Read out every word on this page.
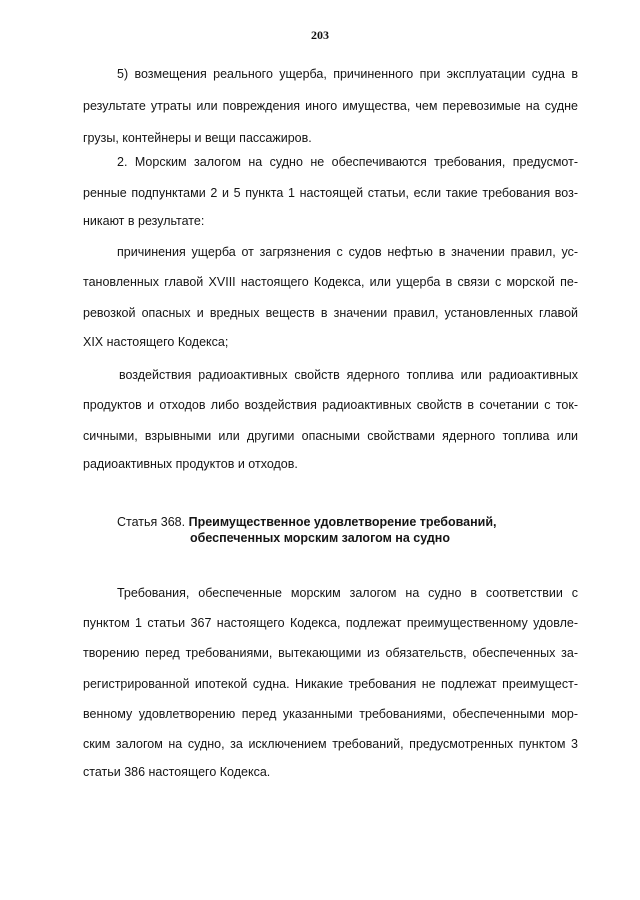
203
5) возмещения реального ущерба, причиненного при эксплуатации судна в
результате утраты или повреждения иного имущества, чем перевозимые на судне
грузы, контейнеры и вещи пассажиров.
2. Морским залогом на судно не обеспечиваются требования, предусмот-
ренные подпунктами 2 и 5 пункта 1 настоящей статьи, если такие требования воз-
никают в результате:
причинения ущерба от загрязнения с судов нефтью в значении правил, ус-
тановленных главой XVIII настоящего Кодекса, или ущерба в связи с морской пе-
ревозкой опасных и вредных веществ в значении правил, установленных главой
XIX настоящего Кодекса;
воздействия радиоактивных свойств ядерного топлива или радиоактивных
продуктов и отходов либо воздействия радиоактивных свойств в сочетании с ток-
сичными, взрывными или другими опасными свойствами ядерного топлива или
радиоактивных продуктов и отходов.
Статья 368. Преимущественное удовлетворение требований,
обеспеченных морским залогом на судно
Требования, обеспеченные морским залогом на судно в соответствии с
пунктом 1 статьи 367 настоящего Кодекса, подлежат преимущественному удовле-
творению перед требованиями, вытекающими из обязательств, обеспеченных за-
регистрированной ипотекой судна. Никакие требования не подлежат преимущест-
венному удовлетворению перед указанными требованиями, обеспеченными мор-
ским залогом на судно, за исключением требований, предусмотренных пунктом 3
статьи 386 настоящего Кодекса.
